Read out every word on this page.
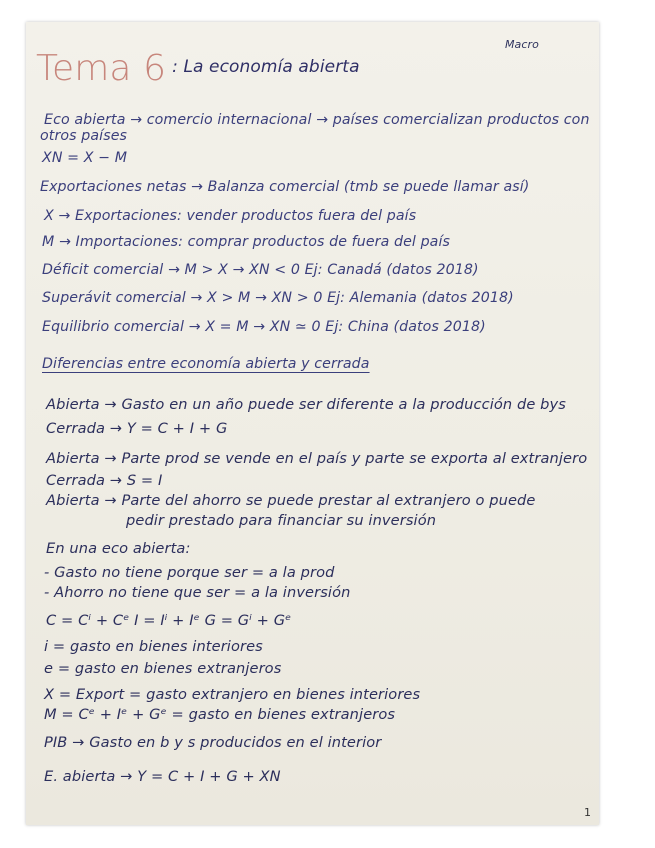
Macro
Tema 6 : La economía abierta
Eco abierta → comercio internacional → países comercializan productos con
otros países
XN = X − M
Exportaciones netas → Balanza comercial (tmb se puede llamar así)
X → Exportaciones: vender productos fuera del país
M → Importaciones: comprar productos de fuera del país
Déficit comercial → M > X → XN < 0 Ej: Canadá (datos 2018)
Superávit comercial → X > M → XN > 0 Ej: Alemania (datos 2018)
Equilibrio comercial → X = M → XN ≃ 0 Ej: China (datos 2018)
Diferencias entre economía abierta y cerrada
Abierta → Gasto en un año puede ser diferente a la producción de bys
Cerrada → Y = C + I + G
Abierta → Parte prod se vende en el país y parte se exporta al extranjero
Cerrada → S = I
Abierta → Parte del ahorro se puede prestar al extranjero o puede
pedir prestado para financiar su inversión
En una eco abierta:
- Gasto no tiene porque ser = a la prod
- Ahorro no tiene que ser = a la inversión
C = Cⁱ + Cᵉ I = Iⁱ + Iᵉ G = Gⁱ + Gᵉ
i = gasto en bienes interiores
e = gasto en bienes extranjeros
X = Export = gasto extranjero en bienes interiores
M = Cᵉ + Iᵉ + Gᵉ = gasto en bienes extranjeros
PIB → Gasto en b y s producidos en el interior
E. abierta → Y = C + I + G + XN
1
